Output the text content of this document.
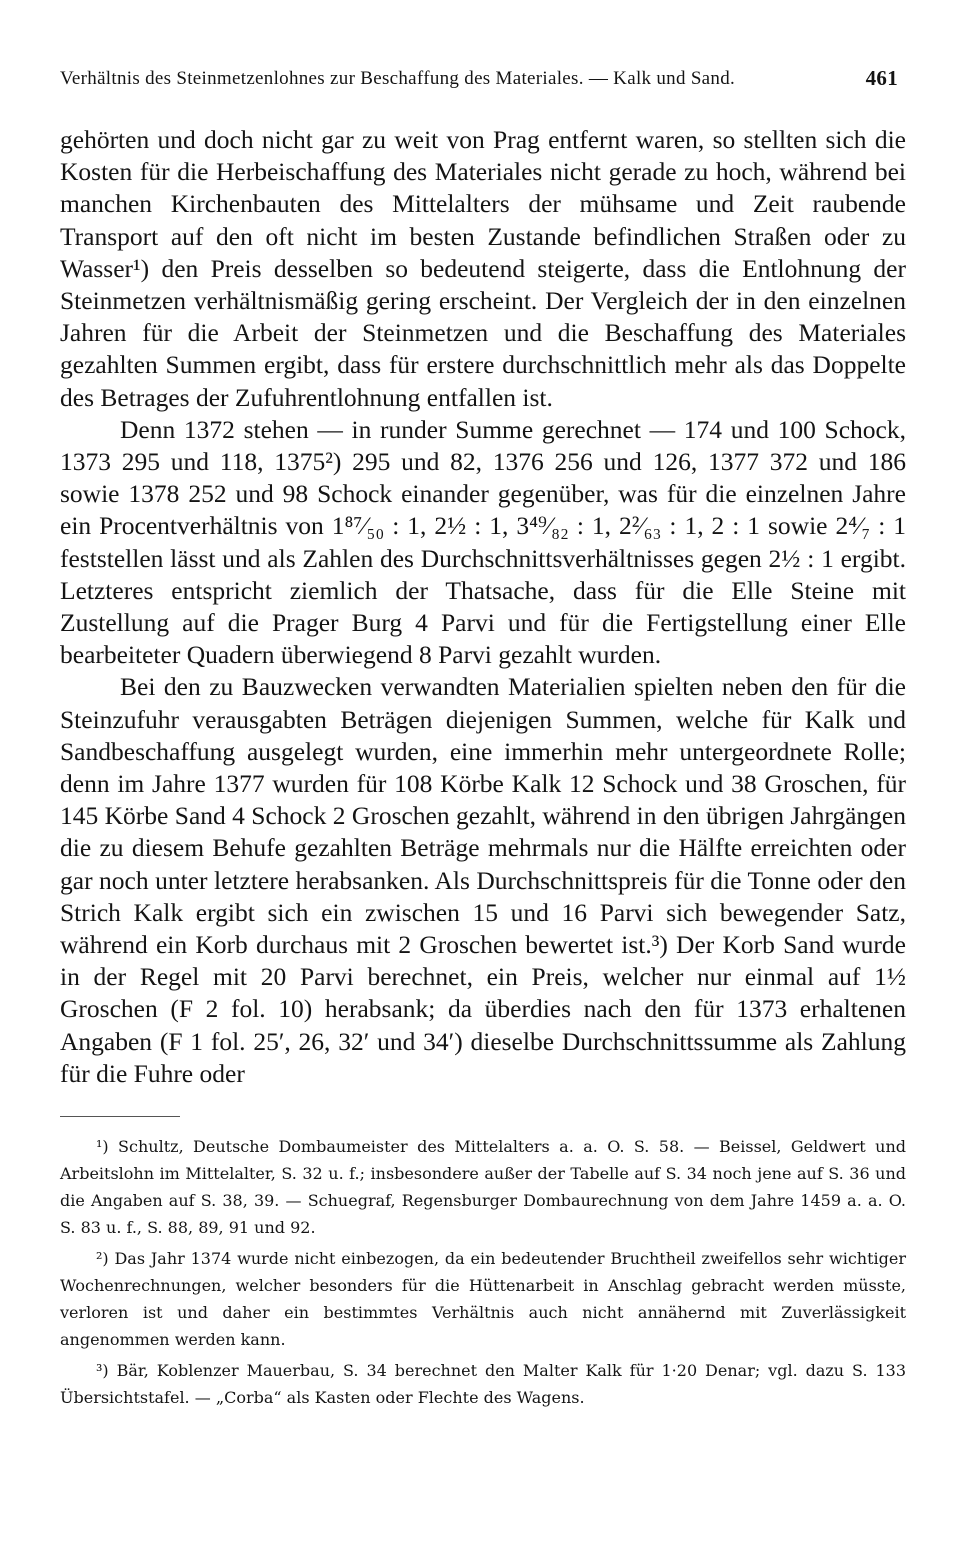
Verhältnis des Steinmetzenlohnes zur Beschaffung des Materiales. — Kalk und Sand.	461

gehörten und doch nicht gar zu weit von Prag entfernt waren, so stellten sich die Kosten für die Herbeischaffung des Materiales nicht gerade zu hoch, während bei manchen Kirchenbauten des Mittelalters der mühsame und Zeit raubende Transport auf den oft nicht im besten Zustande befindlichen Straßen oder zu Wasser¹) den Preis desselben so bedeutend steigerte, dass die Entlohnung der Steinmetzen verhältnismäßig gering erscheint. Der Vergleich der in den einzelnen Jahren für die Arbeit der Steinmetzen und die Beschaffung des Materiales gezahlten Summen ergibt, dass für erstere durchschnittlich mehr als das Doppelte des Betrages der Zufuhrentlohnung entfallen ist.

Denn 1372 stehen — in runder Summe gerechnet — 174 und 100 Schock, 1373 295 und 118, 1375²) 295 und 82, 1376 256 und 126, 1377 372 und 186 sowie 1378 252 und 98 Schock einander gegenüber, was für die einzelnen Jahre ein Procentverhältnis von 1⁸⁷⁄₅₀ : 1, 2½ : 1, 3⁴⁹⁄₈₂ : 1, 2²⁄₆₃ : 1, 2 : 1 sowie 2⁴⁄₇ : 1 feststellen lässt und als Zahlen des Durchschnittsverhältnisses gegen 2½ : 1 ergibt. Letzteres entspricht ziemlich der Thatsache, dass für die Elle Steine mit Zustellung auf die Prager Burg 4 Parvi und für die Fertigstellung einer Elle bearbeiteter Quadern überwiegend 8 Parvi gezahlt wurden.

Bei den zu Bauzwecken verwandten Materialien spielten neben den für die Steinzufuhr verausgabten Beträgen diejenigen Summen, welche für Kalk und Sandbeschaffung ausgelegt wurden, eine immerhin mehr untergeordnete Rolle; denn im Jahre 1377 wurden für 108 Körbe Kalk 12 Schock und 38 Groschen, für 145 Körbe Sand 4 Schock 2 Groschen gezahlt, während in den übrigen Jahrgängen die zu diesem Behufe gezahlten Beträge mehrmals nur die Hälfte erreichten oder gar noch unter letztere herabsanken. Als Durchschnittspreis für die Tonne oder den Strich Kalk ergibt sich ein zwischen 15 und 16 Parvi sich bewegender Satz, während ein Korb durchaus mit 2 Groschen bewertet ist.³) Der Korb Sand wurde in der Regel mit 20 Parvi berechnet, ein Preis, welcher nur einmal auf 1½ Groschen (F 2 fol. 10) herabsank; da überdies nach den für 1373 erhaltenen Angaben (F 1 fol. 25′, 26, 32′ und 34′) dieselbe Durchschnittssumme als Zahlung für die Fuhre oder

¹) Schultz, Deutsche Dombaumeister des Mittelalters a. a. O. S. 58. — Beissel, Geldwert und Arbeitslohn im Mittelalter, S. 32 u. f.; insbesondere außer der Tabelle auf S. 34 noch jene auf S. 36 und die Angaben auf S. 38, 39. — Schuegraf, Regensburger Dombaurechnung von dem Jahre 1459 a. a. O. S. 83 u. f., S. 88, 89, 91 und 92.

²) Das Jahr 1374 wurde nicht einbezogen, da ein bedeutender Bruchtheil zweifellos sehr wichtiger Wochenrechnungen, welcher besonders für die Hüttenarbeit in Anschlag gebracht werden müsste, verloren ist und daher ein bestimmtes Verhältnis auch nicht annähernd mit Zuverlässigkeit angenommen werden kann.

³) Bär, Koblenzer Mauerbau, S. 34 berechnet den Malter Kalk für 1·20 Denar; vgl. dazu S. 133 Übersichtstafel. — „Corba“ als Kasten oder Flechte des Wagens.
